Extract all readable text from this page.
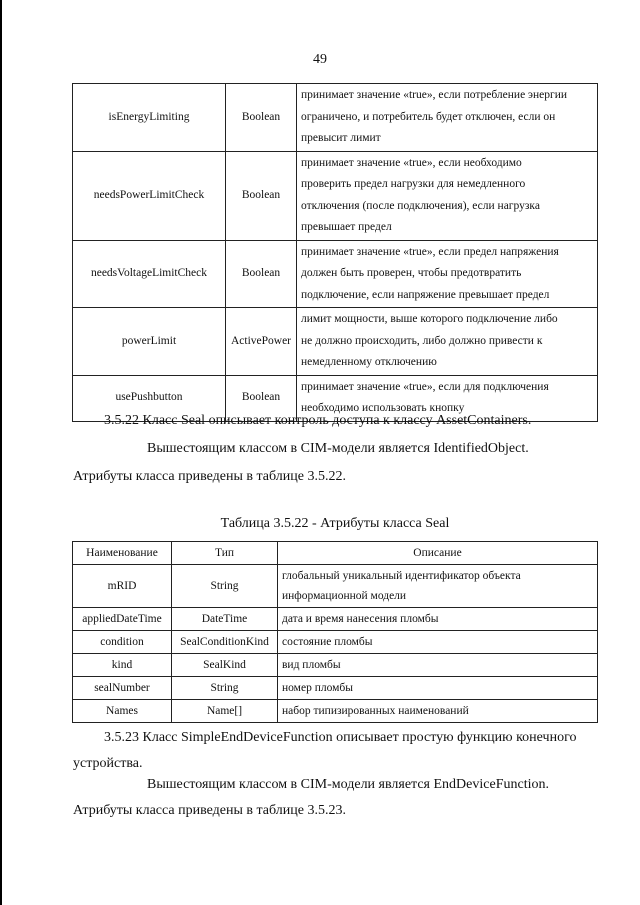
49
isEnergyLimiting	Boolean	принимает значение «true», если потребление энергии
ограничено, и потребитель будет отключен, если он
превысит лимит

needsPowerLimitCheck	Boolean	принимает значение «true», если необходимо
проверить предел нагрузки для немедленного
отключения (после подключения), если нагрузка
превышает предел

needsVoltageLimitCheck	Boolean	принимает значение «true», если предел напряжения
должен быть проверен, чтобы предотвратить
подключение, если напряжение превышает предел

powerLimit	ActivePower	лимит мощности, выше которого подключение либо
не должно происходить, либо должно привести к
немедленному отключению

usePushbutton	Boolean	принимает значение «true», если для подключения
необходимо использовать кнопку
3.5.22 Класс Seal описывает контроль доступа к классу AssetContainers.
Вышестоящим классом в CIM-модели является IdentifiedObject.
Атрибуты класса приведены в таблице 3.5.22.
Таблица 3.5.22 - Атрибуты класса Seal
Наименование	Тип	Описание
mRID	String	глобальный уникальный идентификатор объекта
информационной модели

appliedDateTime	DateTime	дата и время нанесения пломбы

condition	SealConditionKind	состояние пломбы

kind	SealKind	вид пломбы

sealNumber	String	номер пломбы

Names	Name[]	набор типизированных наименований
3.5.23 Класс SimpleEndDeviceFunction описывает простую функцию конечного
устройства.
Вышестоящим классом в CIM-модели является EndDeviceFunction.
Атрибуты класса приведены в таблице 3.5.23.
